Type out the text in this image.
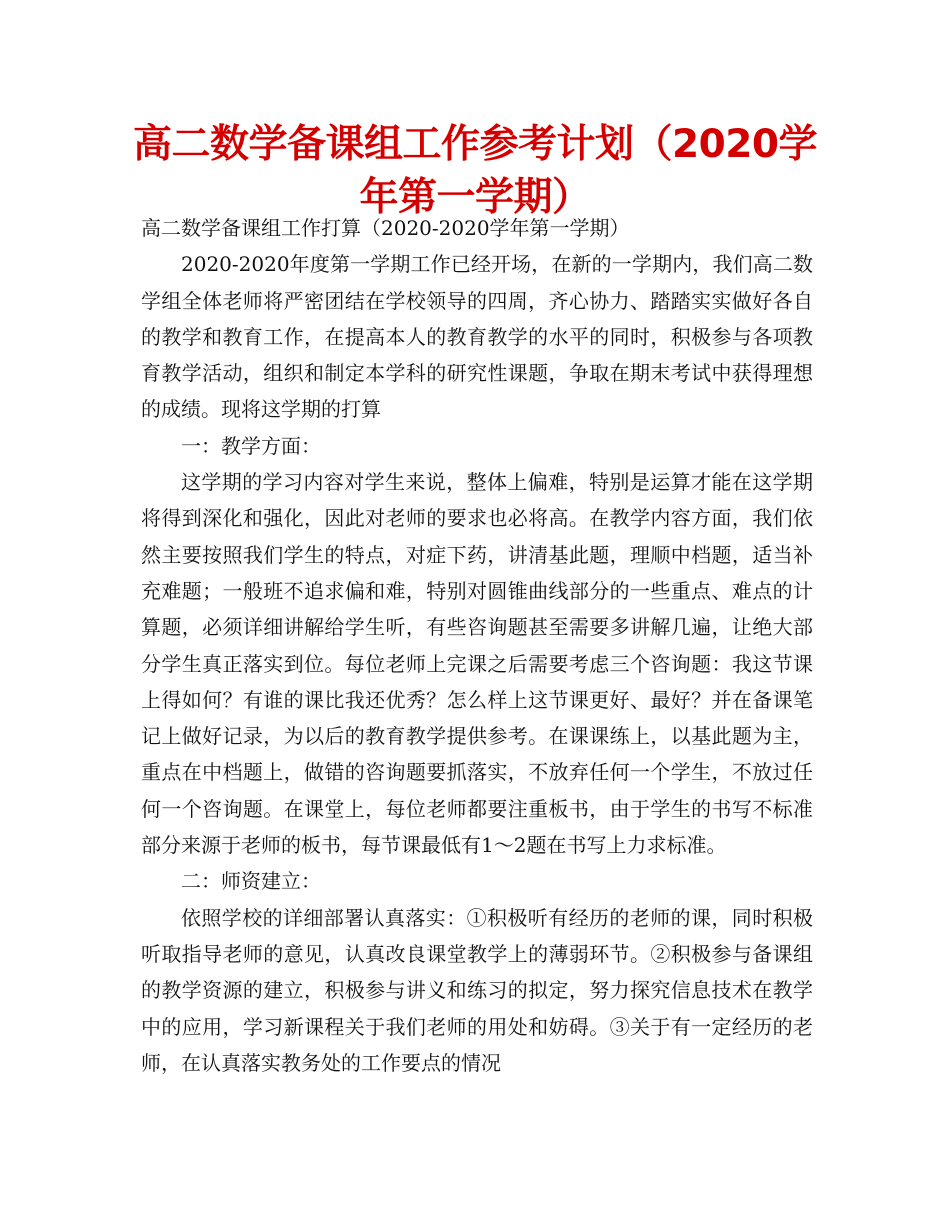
高二数学备课组工作参考计划（2020学年第一学期）

高二数学备课组工作打算（2020-2020学年第一学期）

2020-2020年度第一学期工作已经开场，在新的一学期内，我们高二数学组全体老师将严密团结在学校领导的四周，齐心协力、踏踏实实做好各自的教学和教育工作，在提高本人的教育教学的水平的同时，积极参与各项教育教学活动，组织和制定本学科的研究性课题，争取在期末考试中获得理想的成绩。现将这学期的打算

一：教学方面：

这学期的学习内容对学生来说，整体上偏难，特别是运算才能在这学期将得到深化和强化，因此对老师的要求也必将高。在教学内容方面，我们依然主要按照我们学生的特点，对症下药，讲清基此题，理顺中档题，适当补充难题；一般班不追求偏和难，特别对圆锥曲线部分的一些重点、难点的计算题，必须详细讲解给学生听，有些咨询题甚至需要多讲解几遍，让绝大部分学生真正落实到位。每位老师上完课之后需要考虑三个咨询题：我这节课上得如何？有谁的课比我还优秀？怎么样上这节课更好、最好？并在备课笔记上做好记录，为以后的教育教学提供参考。在课课练上，以基此题为主，重点在中档题上，做错的咨询题要抓落实，不放弃任何一个学生，不放过任何一个咨询题。在课堂上，每位老师都要注重板书，由于学生的书写不标准部分来源于老师的板书，每节课最低有1～2题在书写上力求标准。

二：师资建立：

依照学校的详细部署认真落实：①积极听有经历的老师的课，同时积极听取指导老师的意见，认真改良课堂教学上的薄弱环节。②积极参与备课组的教学资源的建立，积极参与讲义和练习的拟定，努力探究信息技术在教学中的应用，学习新课程关于我们老师的用处和妨碍。③关于有一定经历的老师，在认真落实教务处的工作要点的情况
